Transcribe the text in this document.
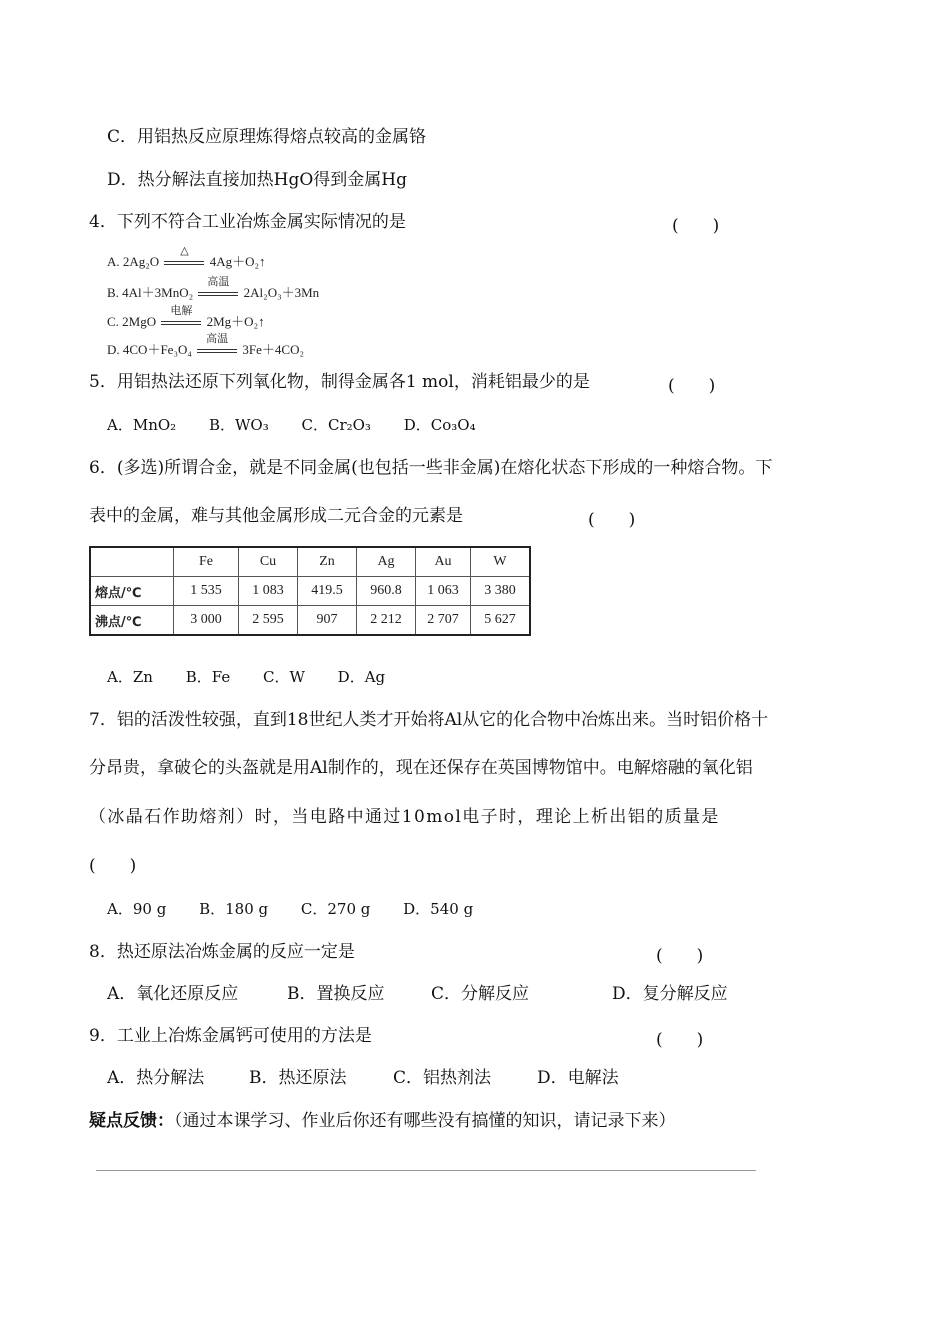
C．用铝热反应原理炼得熔点较高的金属铬
D．热分解法直接加热HgO得到金属Hg
4．下列不符合工业冶炼金属实际情况的是	(　　)
A. 2Ag₂O
△
4Ag＋O₂↑
B. 4Al＋3MnO₂
高温
2Al₂O₃＋3Mn
C. 2MgO
电解
2Mg＋O₂↑
D. 4CO＋Fe₃O₄
高温
3Fe＋4CO₂
5．用铝热法还原下列氧化物，制得金属各1 mol，消耗铝最少的是	(　　)
A．MnO₂ B．WO₃ C．Cr₂O₃ D．Co₃O₄
6．(多选)所谓合金，就是不同金属(也包括一些非金属)在熔化状态下形成的一种熔合物。下
表中的金属，难与其他金属形成二元合金的元素是	(　　)
	Fe	Cu	Zn	Ag	Au	W
熔点/℃	1 535	1 083	419.5	960.8	1 063	3 380
沸点/℃	3 000	2 595	907	2 212	2 707	5 627
A．Zn B．Fe C．W D．Ag
7．铝的活泼性较强，直到18世纪人类才开始将Al从它的化合物中冶炼出来。当时铝价格十
分昂贵，拿破仑的头盔就是用Al制作的，现在还保存在英国博物馆中。电解熔融的氧化铝
（冰晶石作助熔剂）时，当电路中通过10mol电子时，理论上析出铝的质量是
(　　)
A．90 g B．180 g C．270 g D．540 g
8．热还原法冶炼金属的反应一定是	(　　)
A．氧化还原反应	B．置换反应	C．分解反应	D．复分解反应
9．工业上冶炼金属钙可使用的方法是	(　　)
A．热分解法	B．热还原法	C．铝热剂法	D．电解法
疑点反馈：（通过本课学习、作业后你还有哪些没有搞懂的知识，请记录下来）
